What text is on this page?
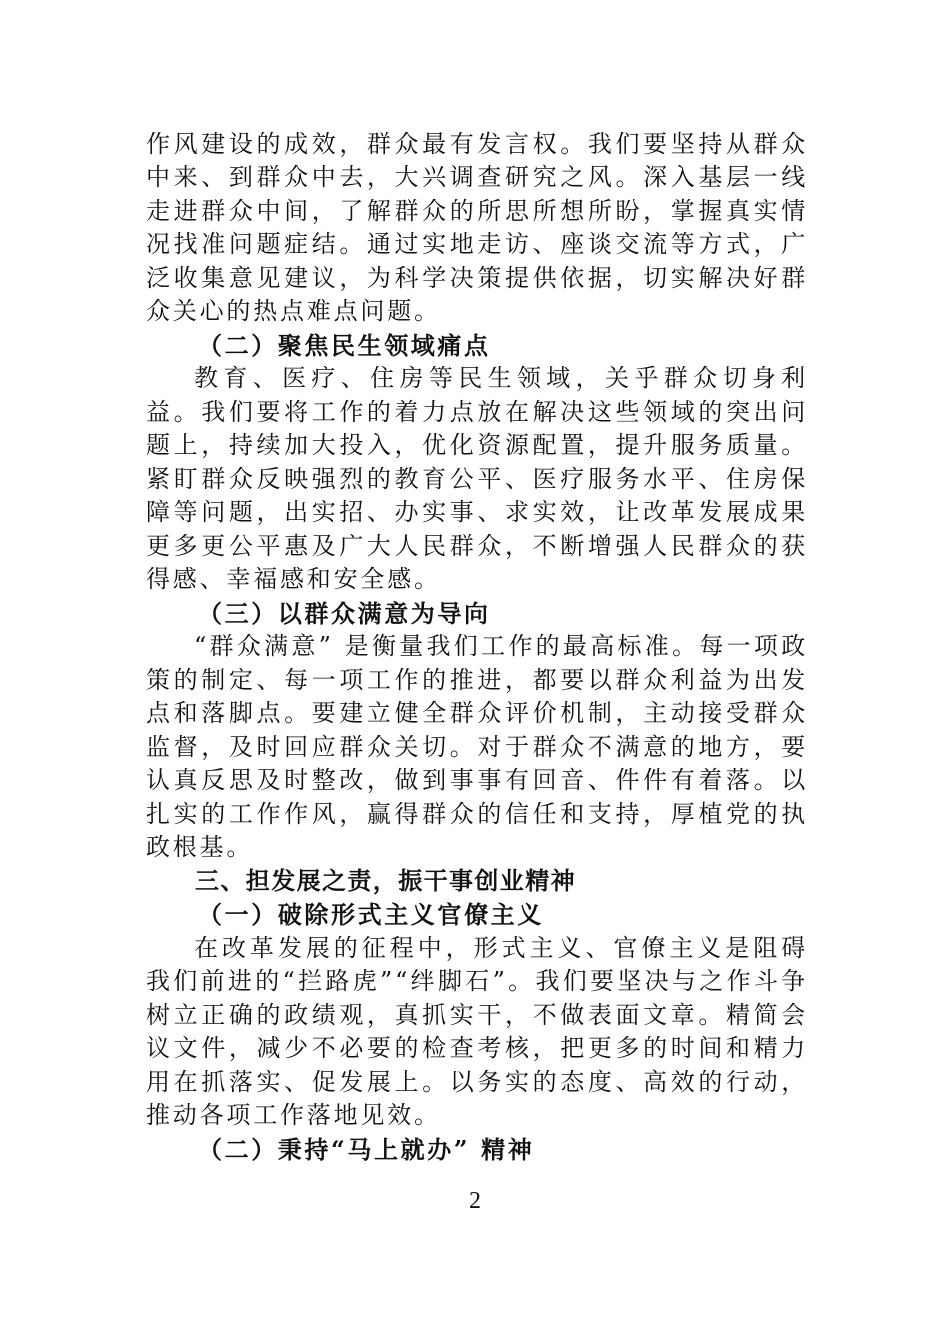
作风建设的成效，群众最有发言权。我们要坚持从群众中来、到群众中去，大兴调查研究之风。深入基层一线走进群众中间，了解群众的所思所想所盼，掌握真实情况找准问题症结。通过实地走访、座谈交流等方式，广泛收集意见建议，为科学决策提供依据，切实解决好群众关心的热点难点问题。

（二）聚焦民生领域痛点

教育、医疗、住房等民生领域，关乎群众切身利益。我们要将工作的着力点放在解决这些领域的突出问题上，持续加大投入，优化资源配置，提升服务质量。紧盯群众反映强烈的教育公平、医疗服务水平、住房保障等问题，出实招、办实事、求实效，让改革发展成果更多更公平惠及广大人民群众，不断增强人民群众的获得感、幸福感和安全感。

（三）以群众满意为导向

“群众满意” 是衡量我们工作的最高标准。每一项政策的制定、每一项工作的推进，都要以群众利益为出发点和落脚点。要建立健全群众评价机制，主动接受群众监督，及时回应群众关切。对于群众不满意的地方，要认真反思及时整改，做到事事有回音、件件有着落。以扎实的工作作风，赢得群众的信任和支持，厚植党的执政根基。

三、担发展之责，振干事创业精神

（一）破除形式主义官僚主义

在改革发展的征程中，形式主义、官僚主义是阻碍我们前进的“拦路虎”“绊脚石”。我们要坚决与之作斗争树立正确的政绩观，真抓实干，不做表面文章。精简会议文件，减少不必要的检查考核，把更多的时间和精力用在抓落实、促发展上。以务实的态度、高效的行动，推动各项工作落地见效。

（二）秉持“马上就办” 精神

2
